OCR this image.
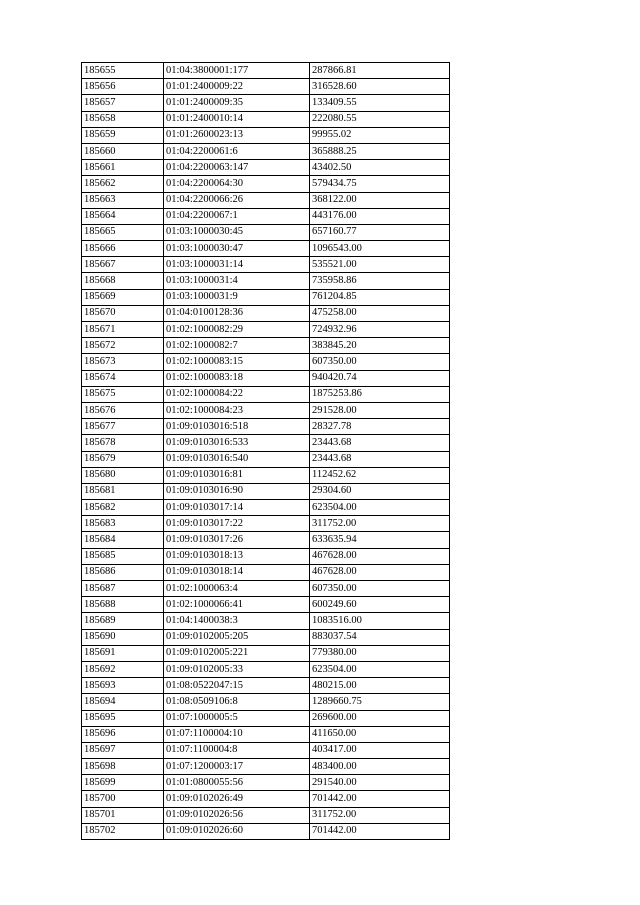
185655	01:04:3800001:177	287866.81
185656	01:01:2400009:22	316528.60
185657	01:01:2400009:35	133409.55
185658	01:01:2400010:14	222080.55
185659	01:01:2600023:13	99955.02
185660	01:04:2200061:6	365888.25
185661	01:04:2200063:147	43402.50
185662	01:04:2200064:30	579434.75
185663	01:04:2200066:26	368122.00
185664	01:04:2200067:1	443176.00
185665	01:03:1000030:45	657160.77
185666	01:03:1000030:47	1096543.00
185667	01:03:1000031:14	535521.00
185668	01:03:1000031:4	735958.86
185669	01:03:1000031:9	761204.85
185670	01:04:0100128:36	475258.00
185671	01:02:1000082:29	724932.96
185672	01:02:1000082:7	383845.20
185673	01:02:1000083:15	607350.00
185674	01:02:1000083:18	940420.74
185675	01:02:1000084:22	1875253.86
185676	01:02:1000084:23	291528.00
185677	01:09:0103016:518	28327.78
185678	01:09:0103016:533	23443.68
185679	01:09:0103016:540	23443.68
185680	01:09:0103016:81	112452.62
185681	01:09:0103016:90	29304.60
185682	01:09:0103017:14	623504.00
185683	01:09:0103017:22	311752.00
185684	01:09:0103017:26	633635.94
185685	01:09:0103018:13	467628.00
185686	01:09:0103018:14	467628.00
185687	01:02:1000063:4	607350.00
185688	01:02:1000066:41	600249.60
185689	01:04:1400038:3	1083516.00
185690	01:09:0102005:205	883037.54
185691	01:09:0102005:221	779380.00
185692	01:09:0102005:33	623504.00
185693	01:08:0522047:15	480215.00
185694	01:08:0509106:8	1289660.75
185695	01:07:1000005:5	269600.00
185696	01:07:1100004:10	411650.00
185697	01:07:1100004:8	403417.00
185698	01:07:1200003:17	483400.00
185699	01:01:0800055:56	291540.00
185700	01:09:0102026:49	701442.00
185701	01:09:0102026:56	311752.00
185702	01:09:0102026:60	701442.00
